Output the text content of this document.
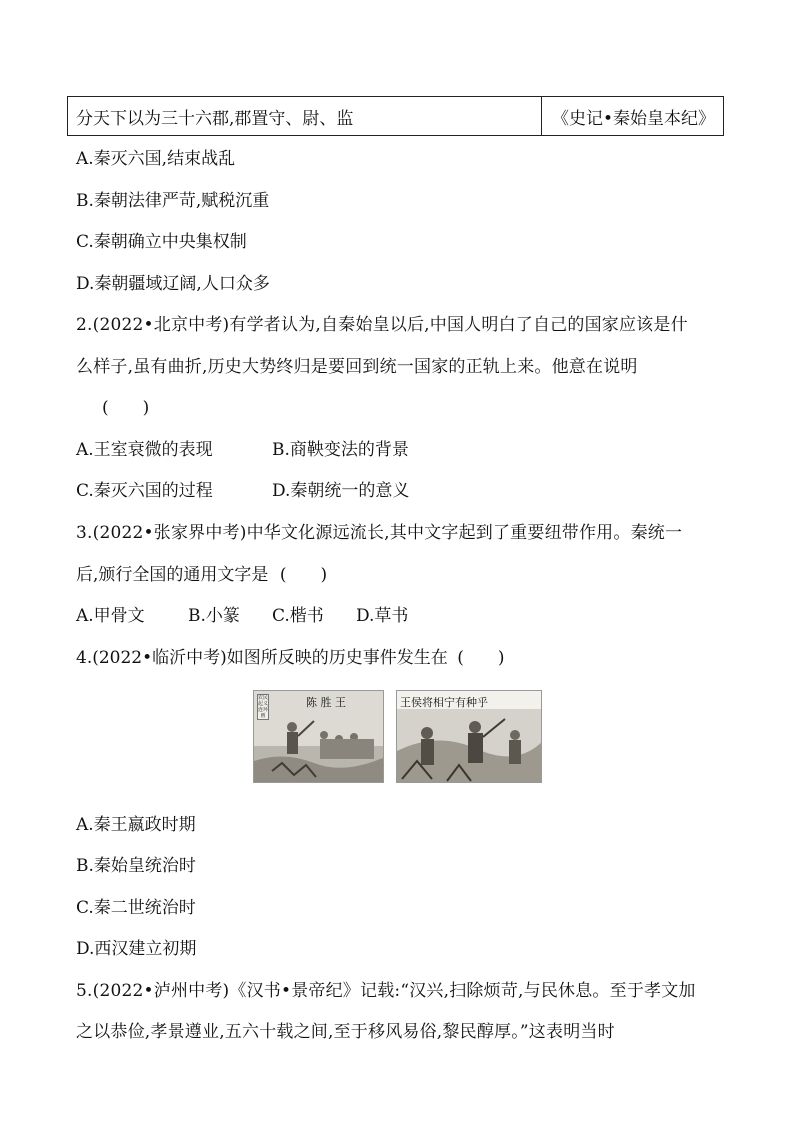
分天下以为三十六郡,郡置守、尉、监	《史记•秦始皇本纪》
A.秦灭六国,结束战乱
B.秦朝法律严苛,赋税沉重
C.秦朝确立中央集权制
D.秦朝疆域辽阔,人口众多
2.(2022•北京中考)有学者认为,自秦始皇以后,中国人明白了自己的国家应该是什
么样子,虽有曲折,历史大势终归是要回到统一国家的正轨上来。他意在说明
(　　)
A.王室衰微的表现	B.商鞅变法的背景
C.秦灭六国的过程	D.秦朝统一的意义
3.(2022•张家界中考)中华文化源远流长,其中文字起到了重要纽带作用。秦统一
后,颁行全国的通用文字是 (　　)
A.甲骨文	B.小篆 C.楷书 D.草书
4.(2022•临沂中考)如图所反映的历史事件发生在 (　　)
农民起义连环画
陈 胜 王	王侯将相宁有种乎
A.秦王嬴政时期
B.秦始皇统治时
C.秦二世统治时
D.西汉建立初期
5.(2022•泸州中考)《汉书•景帝纪》记载:“汉兴,扫除烦苛,与民休息。至于孝文加
之以恭俭,孝景遵业,五六十载之间,至于移风易俗,黎民醇厚。”这表明当时
